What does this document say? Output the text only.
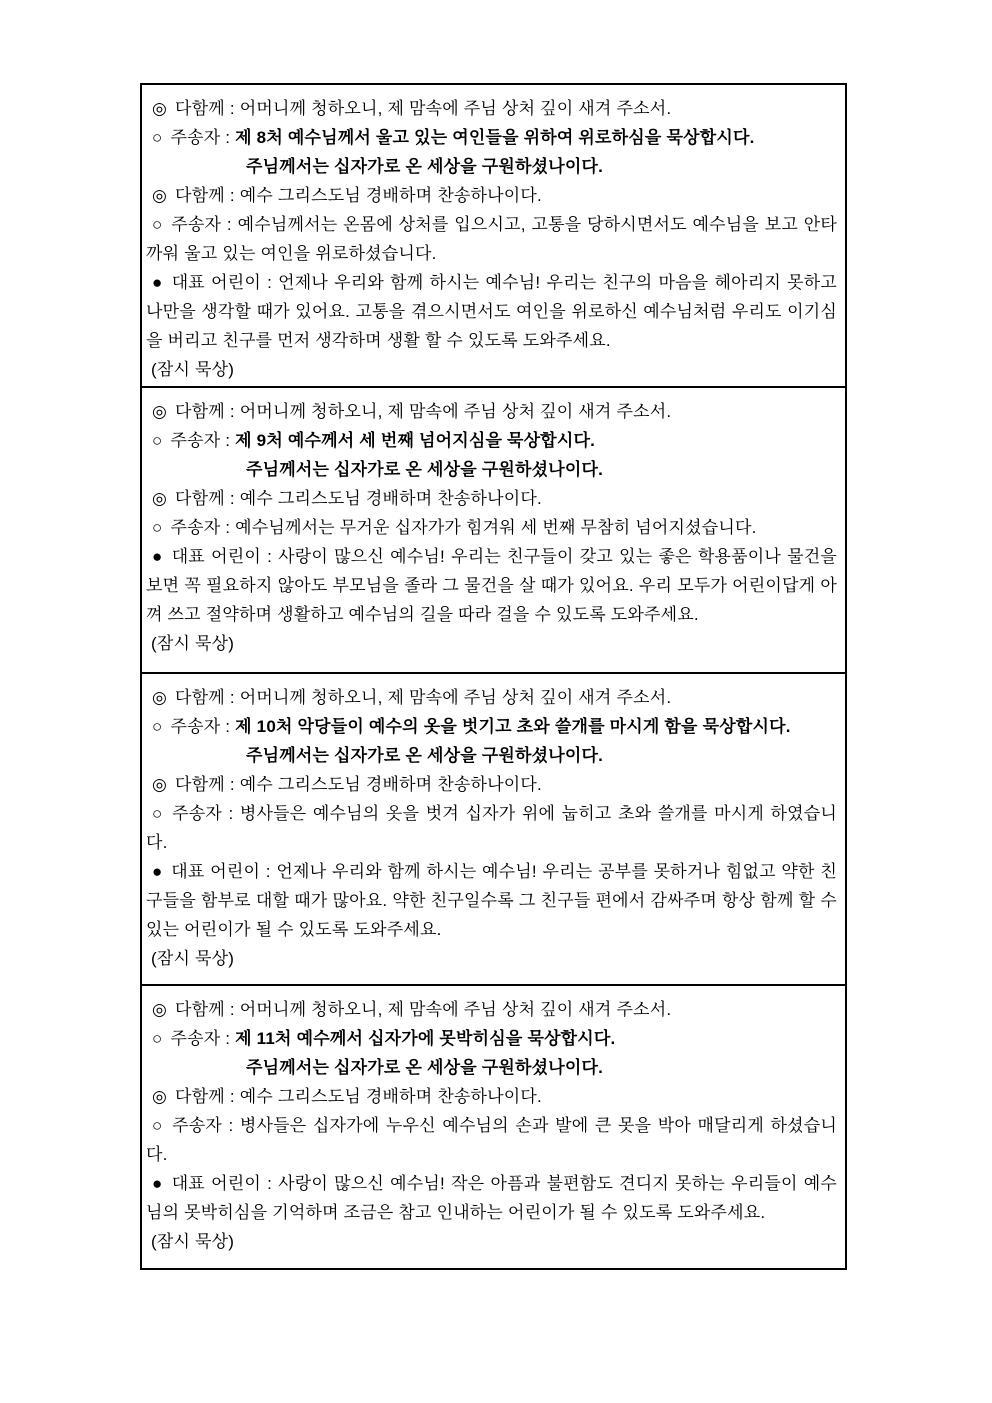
◎ 다함께 : 어머니께 청하오니, 제 맘속에 주님 상처 깊이 새겨 주소서.

○ 주송자 : 제 8처 예수님께서 울고 있는 여인들을 위하여 위로하심을 묵상합시다.

주님께서는 십자가로 온 세상을 구원하셨나이다.

◎ 다함께 : 예수 그리스도님 경배하며 찬송하나이다.

○ 주송자 : 예수님께서는 온몸에 상처를 입으시고, 고통을 당하시면서도 예수님을 보고 안타까워 울고 있는 여인을 위로하셨습니다.

● 대표 어린이 : 언제나 우리와 함께 하시는 예수님! 우리는 친구의 마음을 헤아리지 못하고 나만을 생각할 때가 있어요. 고통을 겪으시면서도 여인을 위로하신 예수님처럼 우리도 이기심을 버리고 친구를 먼저 생각하며 생활 할 수 있도록 도와주세요.

(잠시 묵상)

◎ 다함께 : 어머니께 청하오니, 제 맘속에 주님 상처 깊이 새겨 주소서.

○ 주송자 : 제 9처 예수께서 세 번째 넘어지심을 묵상합시다.

주님께서는 십자가로 온 세상을 구원하셨나이다.

◎ 다함께 : 예수 그리스도님 경배하며 찬송하나이다.

○ 주송자 : 예수님께서는 무거운 십자가가 힘겨워 세 번째 무참히 넘어지셨습니다.

● 대표 어린이 : 사랑이 많으신 예수님! 우리는 친구들이 갖고 있는 좋은 학용품이나 물건을 보면 꼭 필요하지 않아도 부모님을 졸라 그 물건을 살 때가 있어요. 우리 모두가 어린이답게 아껴 쓰고 절약하며 생활하고 예수님의 길을 따라 걸을 수 있도록 도와주세요.

(잠시 묵상)

◎ 다함께 : 어머니께 청하오니, 제 맘속에 주님 상처 깊이 새겨 주소서.

○ 주송자 : 제 10처 악당들이 예수의 옷을 벗기고 초와 쓸개를 마시게 함을 묵상합시다.

주님께서는 십자가로 온 세상을 구원하셨나이다.

◎ 다함께 : 예수 그리스도님 경배하며 찬송하나이다.

○ 주송자 : 병사들은 예수님의 옷을 벗겨 십자가 위에 눕히고 초와 쓸개를 마시게 하였습니다.

● 대표 어린이 : 언제나 우리와 함께 하시는 예수님! 우리는 공부를 못하거나 힘없고 약한 친구들을 함부로 대할 때가 많아요. 약한 친구일수록 그 친구들 편에서 감싸주며 항상 함께 할 수 있는 어린이가 될 수 있도록 도와주세요.

(잠시 묵상)

◎ 다함께 : 어머니께 청하오니, 제 맘속에 주님 상처 깊이 새겨 주소서.

○ 주송자 : 제 11처 예수께서 십자가에 못박히심을 묵상합시다.

주님께서는 십자가로 온 세상을 구원하셨나이다.

◎ 다함께 : 예수 그리스도님 경배하며 찬송하나이다.

○ 주송자 : 병사들은 십자가에 누우신 예수님의 손과 발에 큰 못을 박아 매달리게 하셨습니다.

● 대표 어린이 : 사랑이 많으신 예수님! 작은 아픔과 불편함도 견디지 못하는 우리들이 예수님의 못박히심을 기억하며 조금은 참고 인내하는 어린이가 될 수 있도록 도와주세요.

(잠시 묵상)
